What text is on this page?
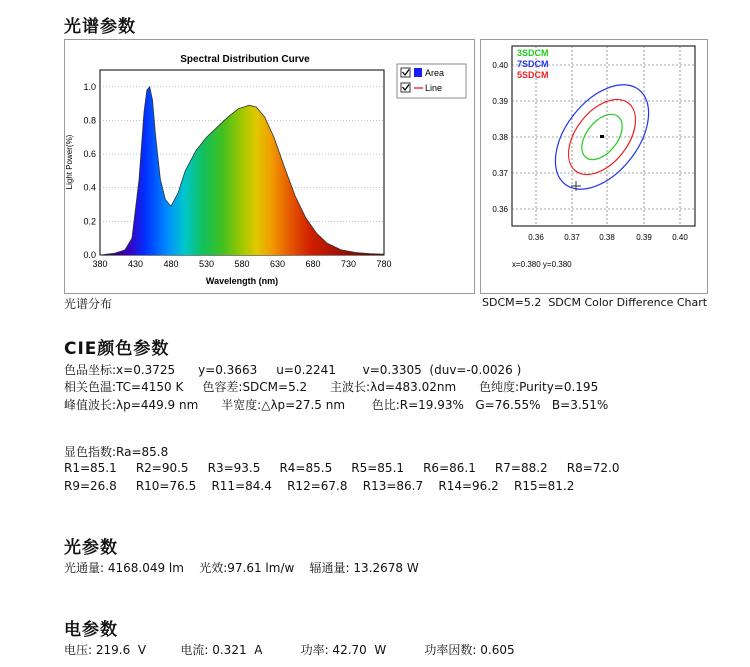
光谱参数
Spectral Distribution Curve
380 430 480 530 580 630 680 730 780
0.0
0.2
0.4
0.6
0.8
1.0
Wavelength (nm)
Light Power(%)
Area
Line
3SDCM
7SDCM
5SDCM
0.40
0.39
0.38
0.37
0.36
0.36	0.37 0.38	0.39	0.40
x=0.380 y=0.380
光谱分布	SDCM=5.2  SDCM Color Difference Chart
CIE颜色参数
色品坐标:x=0.3725      y=0.3663     u=0.2241       v=0.3305  (duv=-0.0026 )
相关色温:TC=4150 K     色容差:SDCM=5.2      主波长:λd=483.02nm      色纯度:Purity=0.195
峰值波长:λp=449.9 nm      半宽度:△λp=27.5 nm       色比:R=19.93%   G=76.55%   B=3.51%
显色指数:Ra=85.8
R1=85.1     R2=90.5     R3=93.5     R4=85.5     R5=85.1     R6=86.1     R7=88.2     R8=72.0
R9=26.8     R10=76.5    R11=84.4    R12=67.8    R13=86.7    R14=96.2    R15=81.2
光参数
光通量: 4168.049 lm    光效:97.61 lm/w    辐通量: 13.2678 W
电参数
电压: 219.6  V         电流: 0.321  A          功率: 42.70  W          功率因数: 0.605
